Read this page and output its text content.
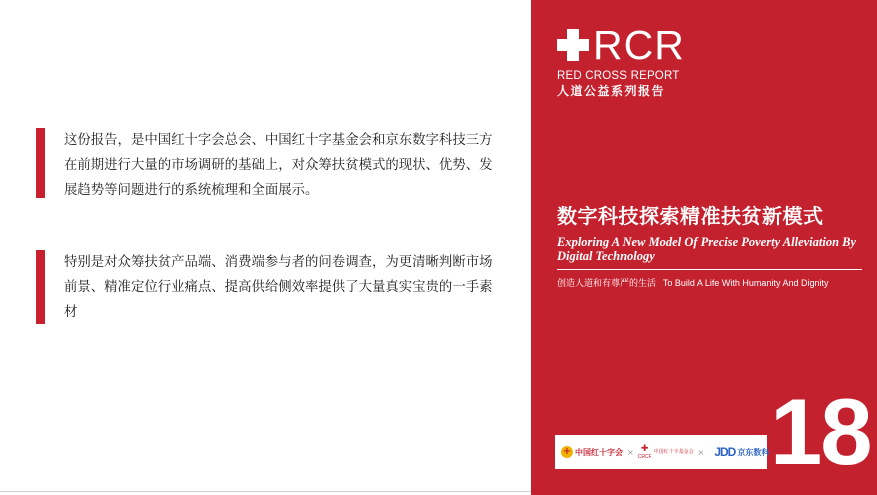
这份报告，是中国红十字会总会、中国红十字基金会和京东数字科技三方在前期进行大量的市场调研的基础上，对众筹扶贫模式的现状、优势、发展趋势等问题进行的系统梳理和全面展示。

特别是对众筹扶贫产品端、消费端参与者的问卷调查，为更清晰判断市场前景、精准定位行业痛点、提高供给侧效率提供了大量真实宝贵的一手素材

RCR
RED CROSS REPORT
人道公益系列报告
数字科技探索精准扶贫新模式
Exploring A New Model Of Precise Poverty Alleviation By Digital Technology
创造人道和有尊严的生活 To Build A Life With Humanity And Dignity
+ 中国红十字会 × ✚
CRCF
中国红十字基金会 × JDD 京东数科 18
